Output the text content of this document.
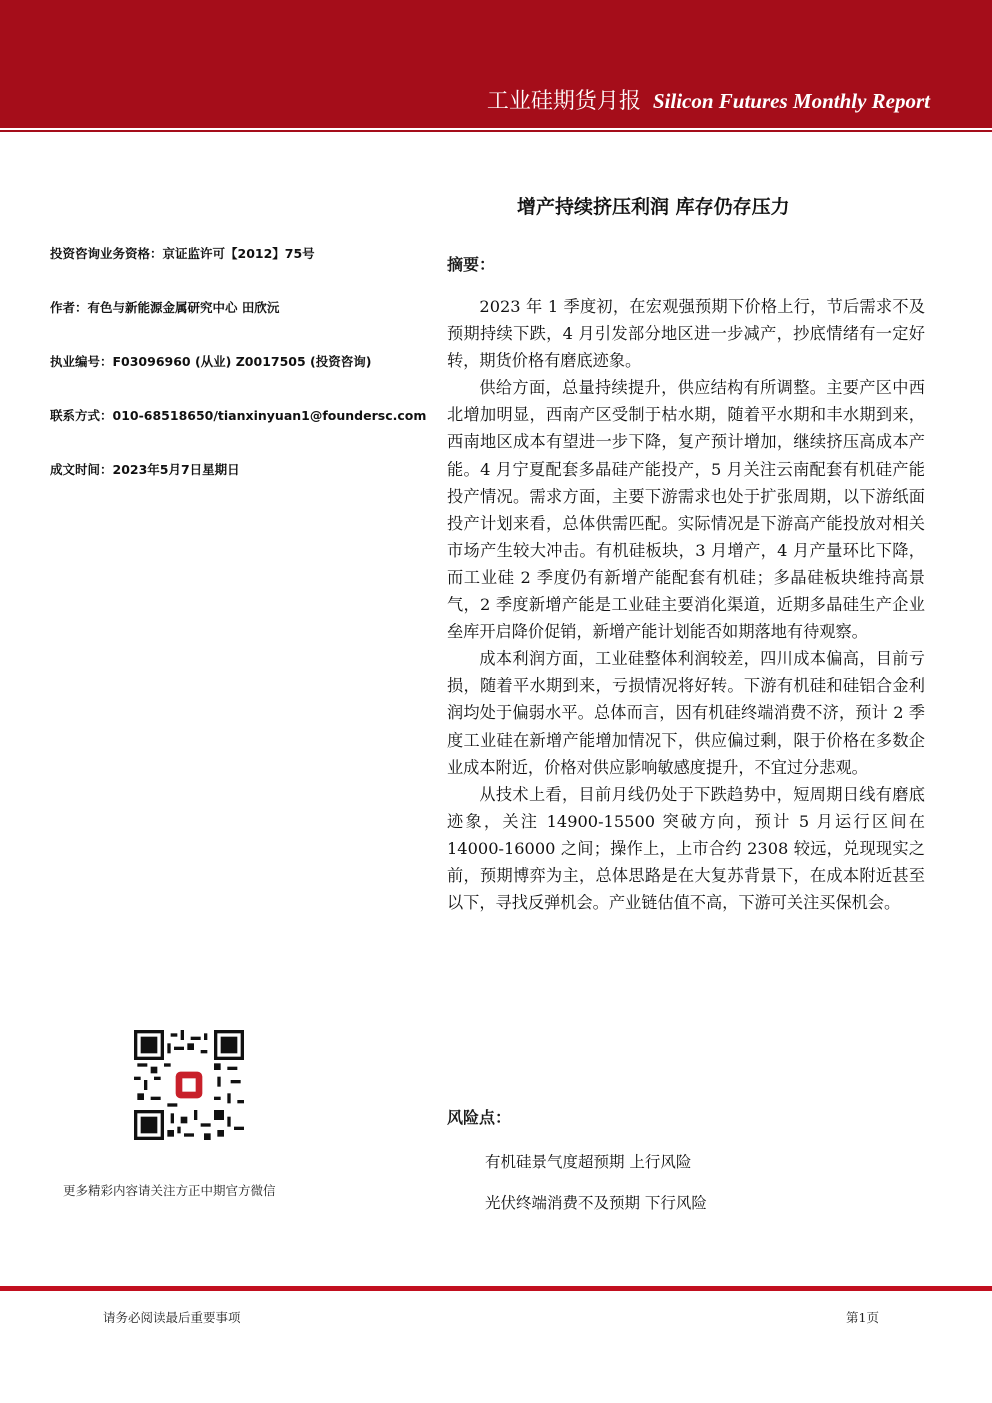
工业硅期货月报 Silicon Futures Monthly Report
增产持续挤压利润 库存仍存压力
投资咨询业务资格：京证监许可【2012】75号
作者：有色与新能源金属研究中心 田欣沅
执业编号：F03096960 (从业) Z0017505 (投资咨询)
联系方式：010-68518650/tianxinyuan1@foundersc.com
成文时间：2023年5月7日星期日
更多精彩内容请关注方正中期官方微信
摘要：

2023 年 1 季度初，在宏观强预期下价格上行，节后需求不及预期持续下跌，4 月引发部分地区进一步减产，抄底情绪有一定好转，期货价格有磨底迹象。

供给方面，总量持续提升，供应结构有所调整。主要产区中西北增加明显，西南产区受制于枯水期，随着平水期和丰水期到来，西南地区成本有望进一步下降，复产预计增加，继续挤压高成本产能。4 月宁夏配套多晶硅产能投产，5 月关注云南配套有机硅产能投产情况。需求方面，主要下游需求也处于扩张周期，以下游纸面投产计划来看，总体供需匹配。实际情况是下游高产能投放对相关市场产生较大冲击。有机硅板块，3 月增产，4 月产量环比下降，而工业硅 2 季度仍有新增产能配套有机硅；多晶硅板块维持高景气，2 季度新增产能是工业硅主要消化渠道，近期多晶硅生产企业垒库开启降价促销，新增产能计划能否如期落地有待观察。

成本利润方面，工业硅整体利润较差，四川成本偏高，目前亏损，随着平水期到来，亏损情况将好转。下游有机硅和硅铝合金利润均处于偏弱水平。总体而言，因有机硅终端消费不济，预计 2 季度工业硅在新增产能增加情况下，供应偏过剩，限于价格在多数企业成本附近，价格对供应影响敏感度提升，不宜过分悲观。

从技术上看，目前月线仍处于下跌趋势中，短周期日线有磨底迹象，关注 14900-15500 突破方向，预计 5 月运行区间在 14000-16000 之间；操作上，上市合约 2308 较远，兑现现实之前，预期博弈为主，总体思路是在大复苏背景下，在成本附近甚至以下，寻找反弹机会。产业链估值不高，下游可关注买保机会。

风险点：
有机硅景气度超预期 上行风险
光伏终端消费不及预期 下行风险
请务必阅读最后重要事项	第1页
